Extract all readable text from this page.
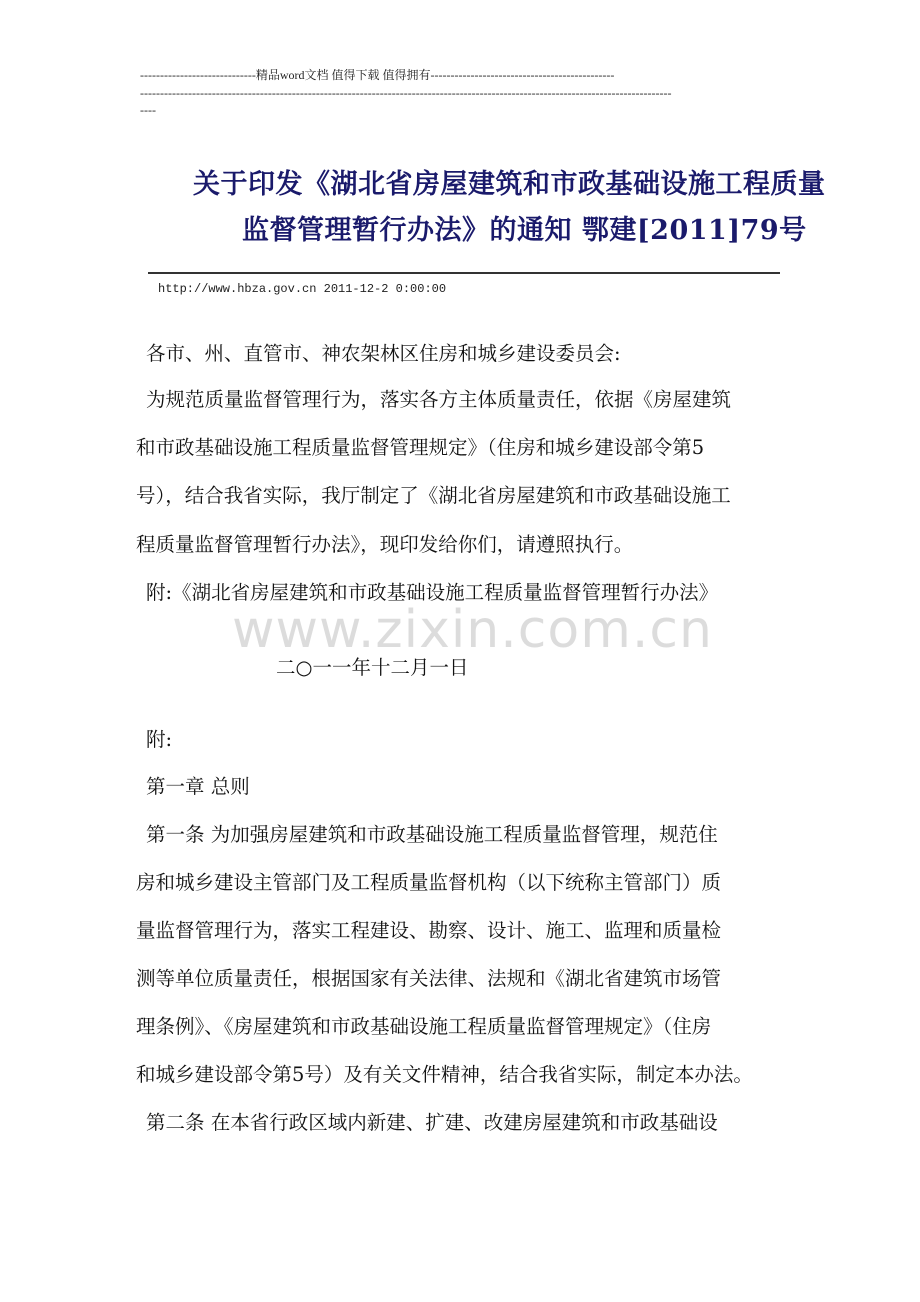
-----------------------------精品word文档 值得下载 值得拥有----------------------------------------------
-------------------------------------------------------------------------------------------------------------------------------------
----
关于印发《湖北省房屋建筑和市政基础设施工程质量
监督管理暂行办法》的通知 鄂建[2011]79号
http://www.hbza.gov.cn 2011-12-2 0:00:00
www.zixin.com.cn
各市、州、直管市、神农架林区住房和城乡建设委员会:
为规范质量监督管理行为，落实各方主体质量责任，依据《房屋建筑
和市政基础设施工程质量监督管理规定》（住房和城乡建设部令第5
号），结合我省实际，我厅制定了《湖北省房屋建筑和市政基础设施工
程质量监督管理暂行办法》，现印发给你们，请遵照执行。
附:《湖北省房屋建筑和市政基础设施工程质量监督管理暂行办法》
二○一一年十二月一日
附:
第一章 总则
第一条 为加强房屋建筑和市政基础设施工程质量监督管理，规范住
房和城乡建设主管部门及工程质量监督机构（以下统称主管部门）质
量监督管理行为，落实工程建设、勘察、设计、施工、监理和质量检
测等单位质量责任，根据国家有关法律、法规和《湖北省建筑市场管
理条例》、《房屋建筑和市政基础设施工程质量监督管理规定》（住房
和城乡建设部令第5号）及有关文件精神，结合我省实际，制定本办法。
第二条 在本省行政区域内新建、扩建、改建房屋建筑和市政基础设
